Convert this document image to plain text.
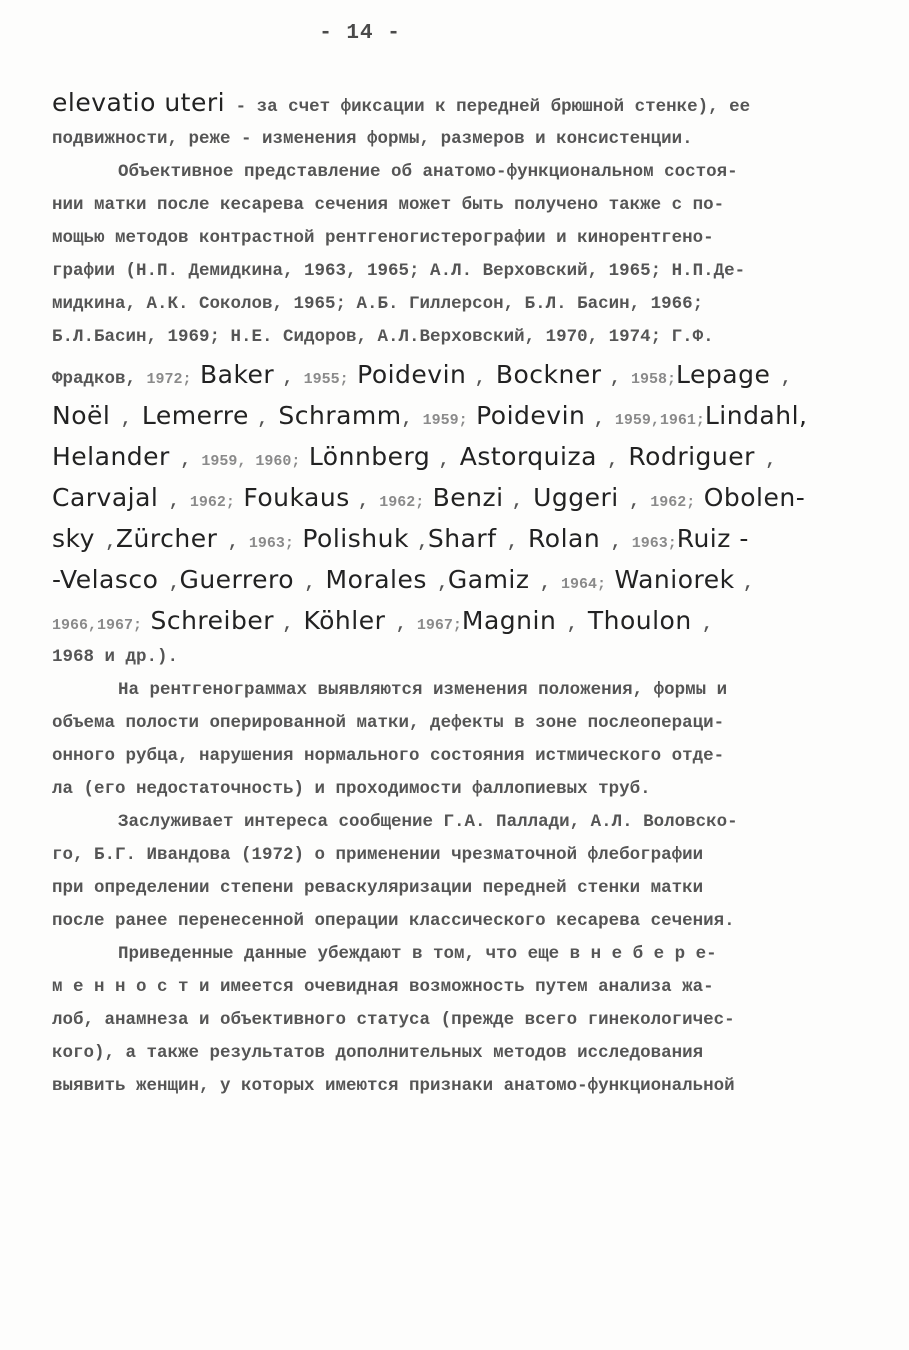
- 14 -
elevatio uteri - за счет фиксации к передней брюшной стенке), ее
подвижности, реже - изменения формы, размеров и консистенции.
Объективное представление об анатомо-функциональном состоя-
нии матки после кесарева сечения может быть получено также с по-
мощью методов контрастной рентгеногистерографии и кинорентгено-
графии (Н.П. Демидкина, 1963, 1965; А.Л. Верховский, 1965; Н.П.Де-
мидкина, А.К. Соколов, 1965; А.Б. Гиллерсон, Б.Л. Басин, 1966;
Б.Л.Басин, 1969; Н.Е. Сидоров, А.Л.Верховский, 1970, 1974; Г.Ф.
Фрадков, 1972; Baker , 1955; Poidevin , Bockner , 1958;Lepage ,
Noël , Lemerre , Schramm, 1959; Poidevin , 1959,1961;Lindahl,
Helander , 1959, 1960; Lönnberg , Astorquiza , Rodriguer ,
Carvajal , 1962; Foukaus , 1962; Benzi , Uggeri , 1962; Obolen-
sky ,Zürcher , 1963; Polishuk ,Sharf , Rolan , 1963;Ruiz -
-Velasco ,Guerrero , Morales ,Gamiz , 1964; Waniorek ,
1966,1967; Schreiber , Köhler , 1967;Magnin , Thoulon ,
1968 и др.).
На рентгенограммах выявляются изменения положения, формы и
объема полости оперированной матки, дефекты в зоне послеопераци-
онного рубца, нарушения нормального состояния истмического отде-
ла (его недостаточность) и проходимости фаллопиевых труб.
Заслуживает интереса сообщение Г.А. Паллади, А.Л. Воловско-
го, Б.Г. Ивандова (1972) о применении чрезматочной флебографии
при определении степени реваскуляризации передней стенки матки
после ранее перенесенной операции классического кесарева сечения.
Приведенные данные убеждают в том, что еще в н е б е р е-
м е н н о с т и имеется очевидная возможность путем анализа жа-
лоб, анамнеза и объективного статуса (прежде всего гинекологичес-
кого), а также результатов дополнительных методов исследования
выявить женщин, у которых имеются признаки анатомо-функциональной
